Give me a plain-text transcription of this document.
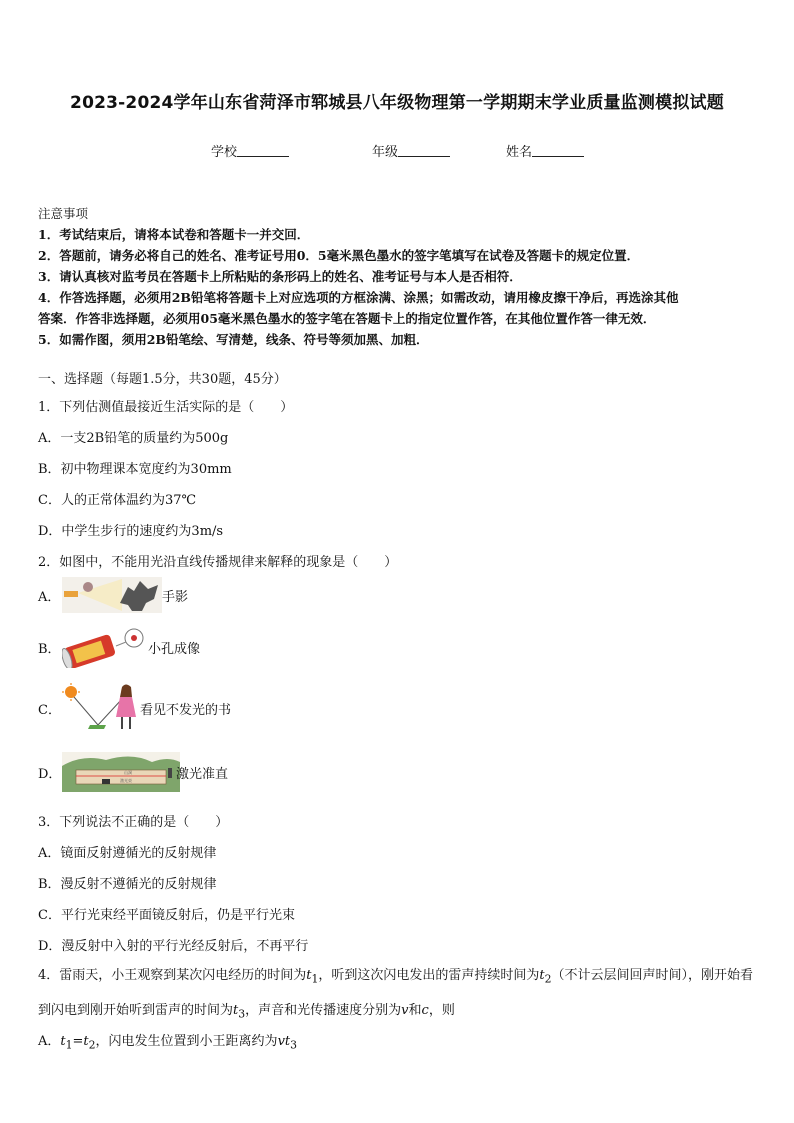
2023-2024学年山东省菏泽市郓城县八年级物理第一学期期末学业质量监测模拟试题
学校	年级	姓名
注意事项
1．考试结束后，请将本试卷和答题卡一并交回．
2．答题前，请务必将自己的姓名、准考证号用0．5毫米黑色墨水的签字笔填写在试卷及答题卡的规定位置．
3．请认真核对监考员在答题卡上所粘贴的条形码上的姓名、准考证号与本人是否相符．
4．作答选择题，必须用2B铅笔将答题卡上对应选项的方框涂满、涂黑；如需改动，请用橡皮擦干净后，再选涂其他
答案．作答非选择题，必须用05毫米黑色墨水的签字笔在答题卡上的指定位置作答，在其他位置作答一律无效．
5．如需作图，须用2B铅笔绘、写清楚，线条、符号等须加黑、加粗．
一、选择题（每题1.5分，共30题，45分）
1．下列估测值最接近生活实际的是（　　）
A．一支2B铅笔的质量约为500g
B．初中物理课本宽度约为30mm
C．人的正常体温约为37℃
D．中学生步行的速度约为3m/s
2．如图中，不能用光沿直线传播规律来解释的现象是（　　）
A．	手影
B．	小孔成像
C．	看见不发光的书
D．	山洞
激光束	激光准直
3．下列说法不正确的是（　　）
A．镜面反射遵循光的反射规律
B．漫反射不遵循光的反射规律
C．平行光束经平面镜反射后，仍是平行光束
D．漫反射中入射的平行光经反射后，不再平行
4．雷雨天，小王观察到某次闪电经历的时间为$t_1$，听到这次闪电发出的雷声持续时间为$t_2$（不计云层间回声时间），刚开始看到闪电到刚开始听到雷声的时间为$t_3$，声音和光传播速度分别为v和c，则
A．$t_1=t_2$，闪电发生位置到小王距离约为$vt_3$
